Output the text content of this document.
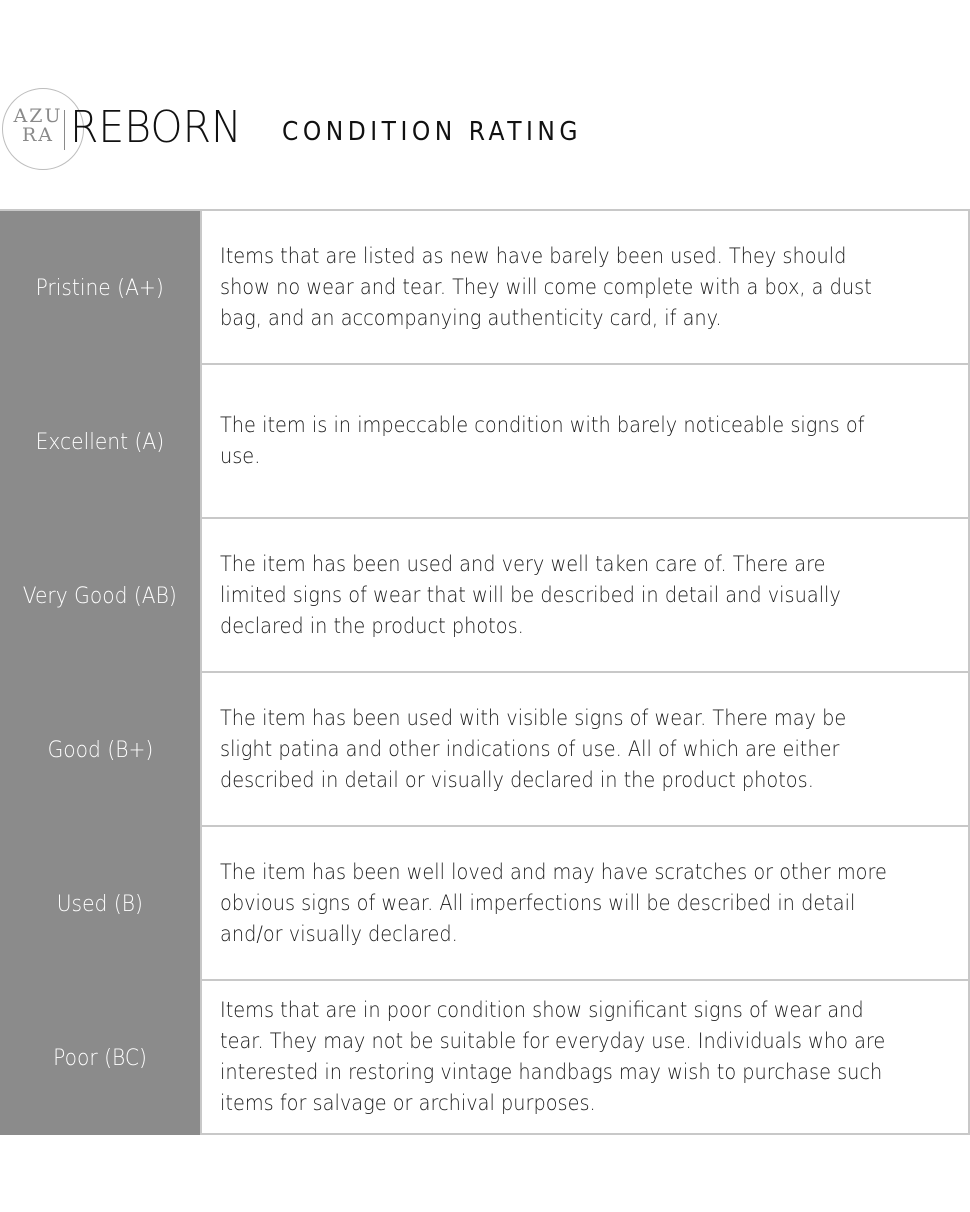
AZU
RA REBORN CONDITION RATING
Pristine (A+)

Items that are listed as new have barely been used. They should show no wear and tear. They will come complete with a box, a dust bag, and an accompanying authenticity card, if any.

Excellent (A)

The item is in impeccable condition with barely noticeable signs of use.

Very Good (AB)

The item has been used and very well taken care of. There are limited signs of wear that will be described in detail and visually declared in the product photos.

Good (B+)

The item has been used with visible signs of wear. There may be slight patina and other indications of use. All of which are either described in detail or visually declared in the product photos.

Used (B)

The item has been well loved and may have scratches or other more obvious signs of wear. All imperfections will be described in detail and/or visually declared.

Poor (BC)

Items that are in poor condition show significant signs of wear and tear. They may not be suitable for everyday use. Individuals who are interested in restoring vintage handbags may wish to purchase such items for salvage or archival purposes.
